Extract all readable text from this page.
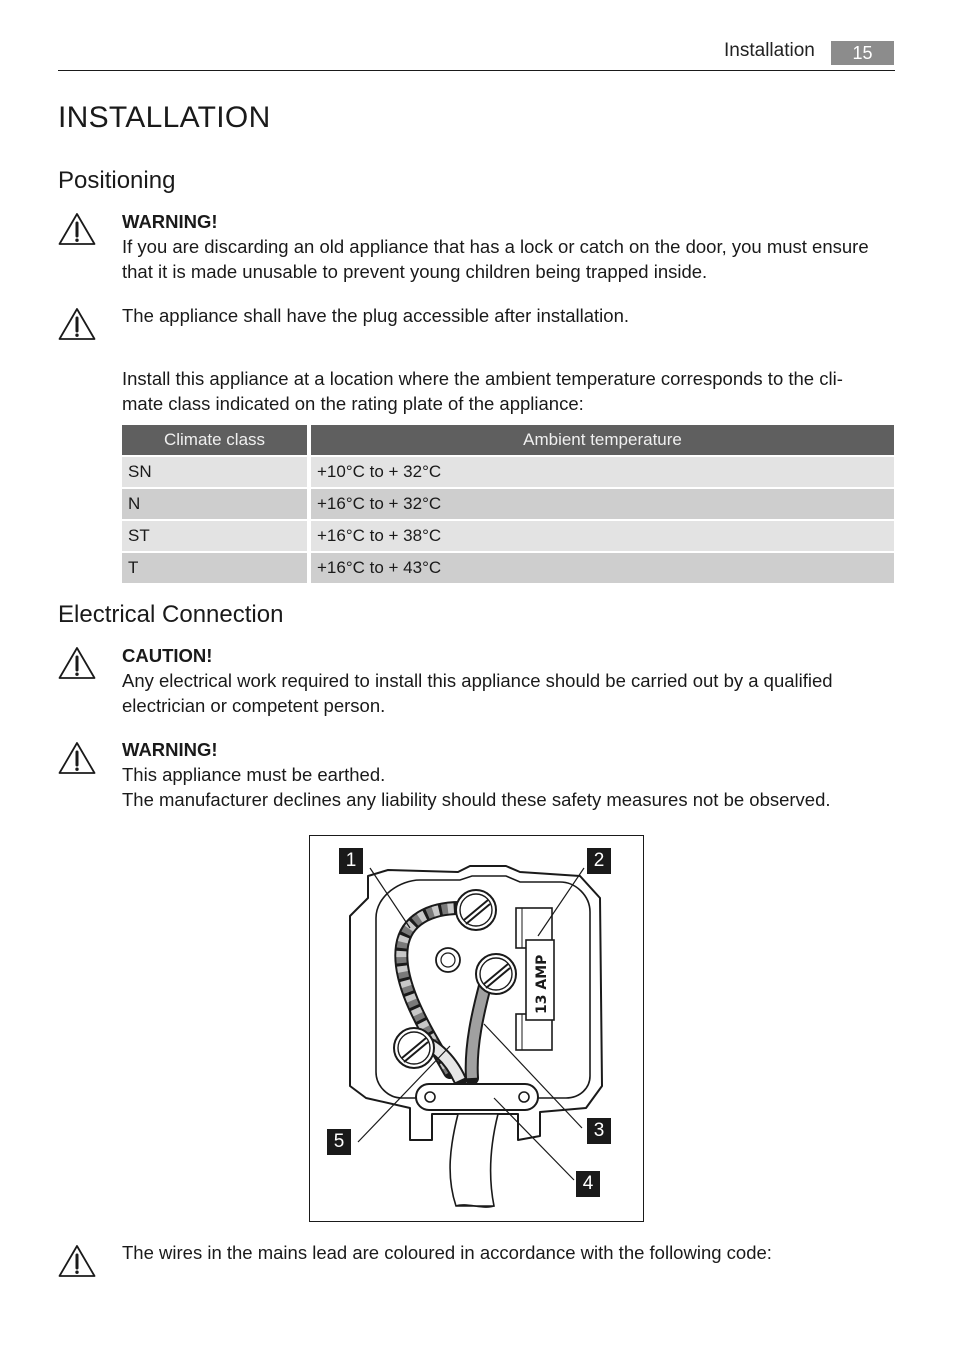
Installation	15
INSTALLATION
Positioning
WARNING!
If you are discarding an old appliance that has a lock or catch on the door, you must ensure that it is made unusable to prevent young children being trapped inside.
The appliance shall have the plug accessible after installation.
Install this appliance at a location where the ambient temperature corresponds to the cli-mate class indicated on the rating plate of the appliance:
Climate class	Ambient temperature
SN	+10°C to + 32°C
N	+16°C to + 32°C
ST	+16°C to + 38°C
T	+16°C to + 43°C
Electrical Connection
CAUTION!
Any electrical work required to install this appliance should be carried out by a qualified electrician or competent person.
WARNING!
This appliance must be earthed.
The manufacturer declines any liability should these safety measures not be observed.
13 AMP
1	2
3
4
5
The wires in the mains lead are coloured in accordance with the following code:
